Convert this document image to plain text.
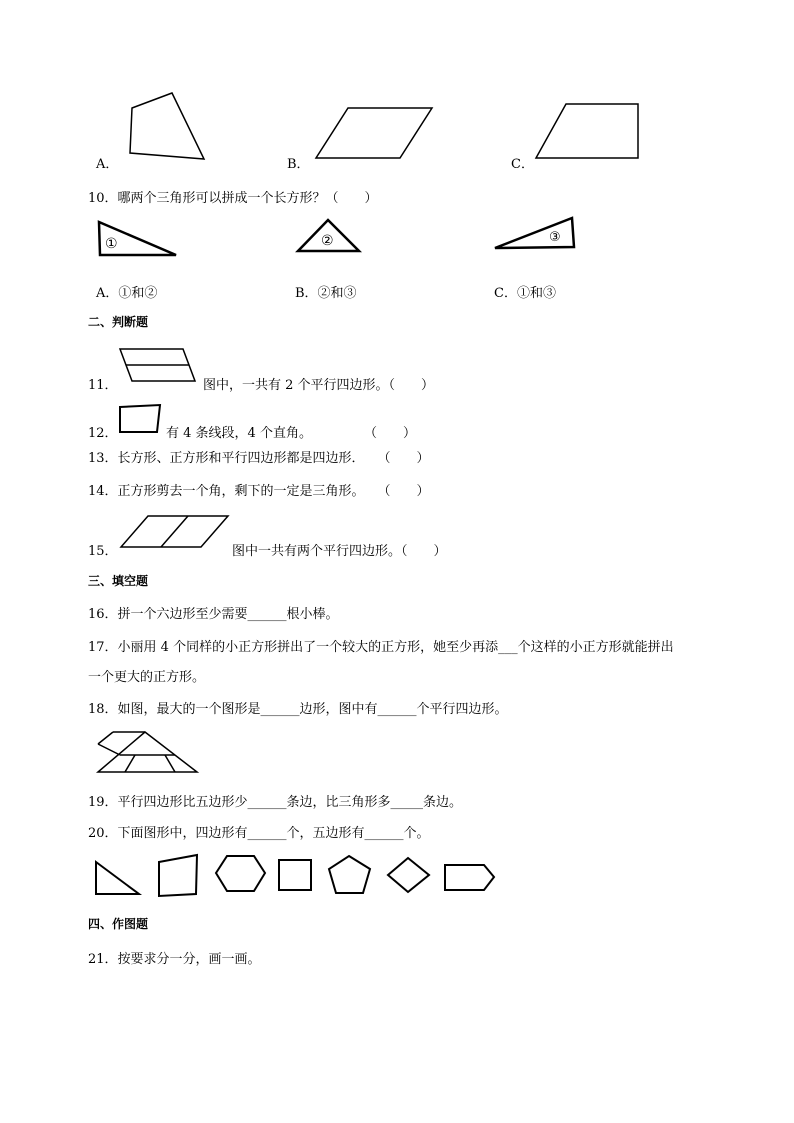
A．	B．	C．
10．哪两个三角形可以拼成一个长方形？（　　）
①	②	③
A．①和②	B．②和③	C．①和③
二、判断题
11．	图中，一共有 2 个平行四边形。（　　）
12．	有 4 条线段，4 个直角。　　　　　（　　）
13．长方形、正方形和平行四边形都是四边形．　　（　　）
14．正方形剪去一个角，剩下的一定是三角形。　　（　　）
15．	图中一共有两个平行四边形。（　　）
三、填空题
16．拼一个六边形至少需要______根小棒。
17．小丽用 4 个同样的小正方形拼出了一个较大的正方形，她至少再添___个这样的小正方形就能拼出
一个更大的正方形。
18．如图，最大的一个图形是______边形，图中有______个平行四边形。
19．平行四边形比五边形少______条边，比三角形多_____条边。
20．下面图形中，四边形有______个，五边形有______个。
四、作图题
21．按要求分一分，画一画。
